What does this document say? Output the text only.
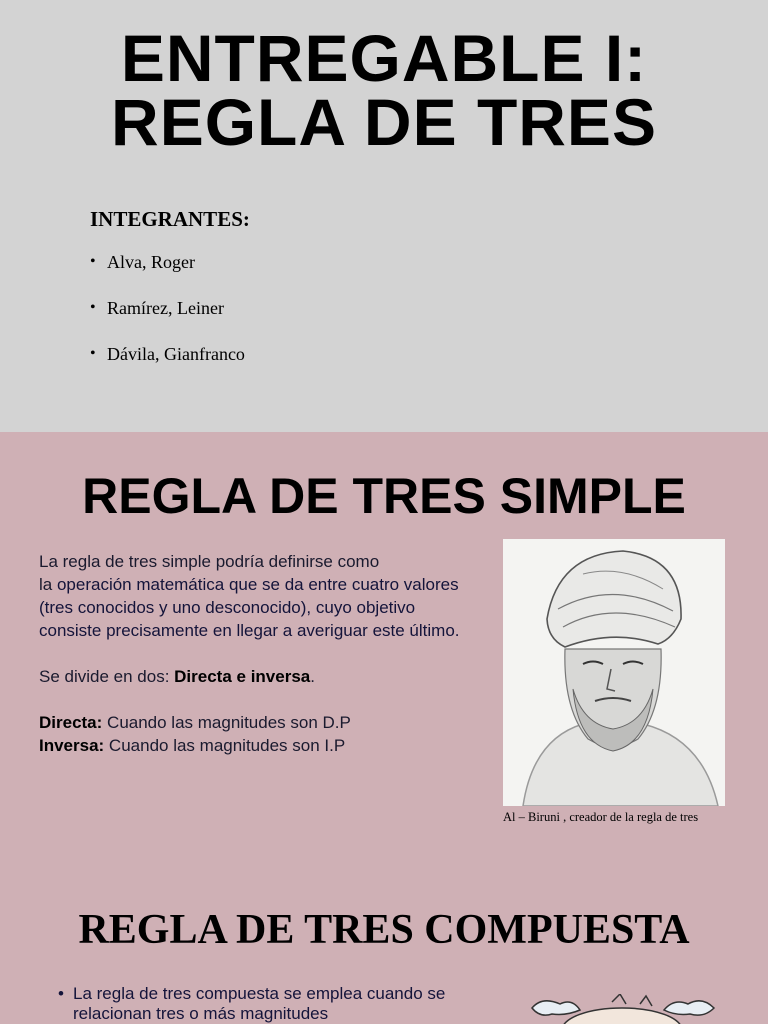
ENTREGABLE I:
REGLA DE TRES
INTEGRANTES:
• Alva, Roger
• Ramírez, Leiner
• Dávila, Gianfranco
REGLA DE TRES SIMPLE

La regla de tres simple podría definirse como
la operación matemática que se da entre cuatro valores (tres conocidos y uno desconocido), cuyo objetivo consiste precisamente en llegar a averiguar este último.

Se divide en dos: Directa e inversa.

Directa: Cuando las magnitudes son D.P
Inversa: Cuando las magnitudes son I.P

Al – Biruni , creador de la regla de tres
REGLA DE TRES COMPUESTA
• La regla de tres compuesta se emplea cuando se relacionan tres o más magnitudes
